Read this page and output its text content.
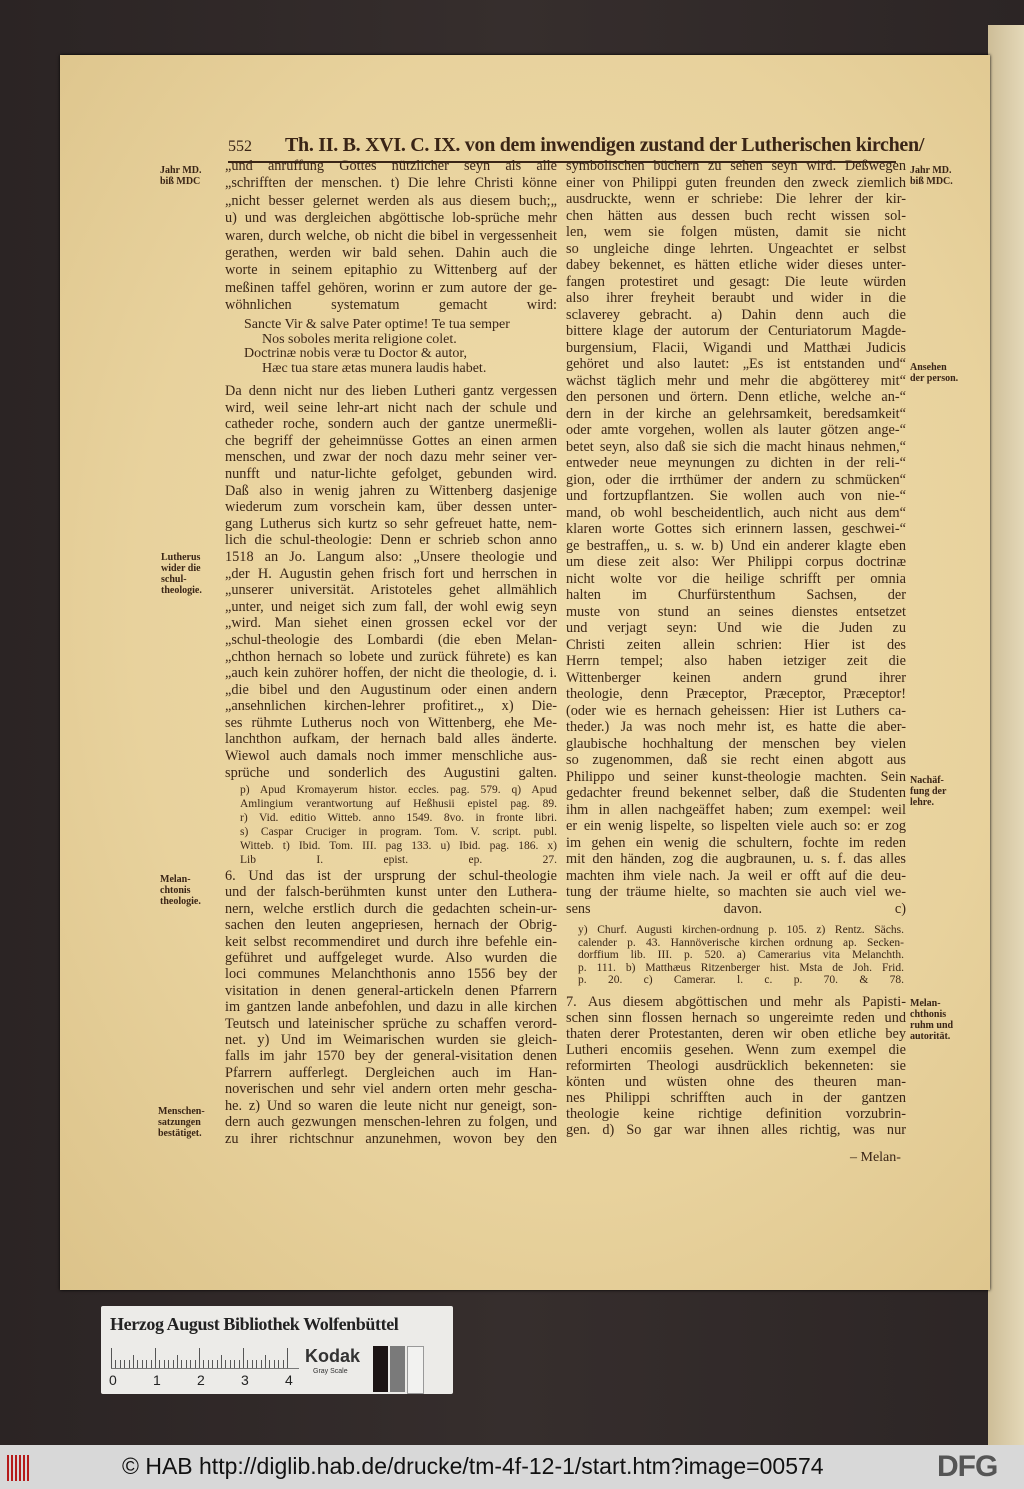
552 Th. II. B. XVI. C. IX. von dem inwendigen zustand der Lutherischen kirchen/
„und anruffung Gottes nützlicher seyn als alle
„schrifften der menschen. t) Die lehre Christi könne
„nicht besser gelernet werden als aus diesem buch;„
u) und was dergleichen abgöttische lob-sprüche mehr
waren, durch welche, ob nicht die bibel in vergessenheit
gerathen, werden wir bald sehen. Dahin auch die
worte in seinem epitaphio zu Wittenberg auf der
meßinen taffel gehören, worinn er zum autore der ge-
wöhnlichen systematum gemacht wird:
Sancte Vir & salve Pater optime! Te tua semper
Nos soboles merita religione colet.
Doctrinæ nobis veræ tu Doctor & autor,
Hæc tua stare ætas munera laudis habet.
Da denn nicht nur des lieben Lutheri gantz vergessen
wird, weil seine lehr-art nicht nach der schule und
catheder roche, sondern auch der gantze unermeßli-
che begriff der geheimnüsse Gottes an einen armen
menschen, und zwar der noch dazu mehr seiner ver-
nunfft und natur-lichte gefolget, gebunden wird.
Daß also in wenig jahren zu Wittenberg dasjenige
wiederum zum vorschein kam, über dessen unter-
gang Lutherus sich kurtz so sehr gefreuet hatte, nem-
lich die schul-theologie: Denn er schrieb schon anno
1518 an Jo. Langum also: „Unsere theologie und
„der H. Augustin gehen frisch fort und herrschen in
„unserer universität. Aristoteles gehet allmählich
„unter, und neiget sich zum fall, der wohl ewig seyn
„wird. Man siehet einen grossen eckel vor der
„schul-theologie des Lombardi (die eben Melan-
„chthon hernach so lobete und zurück führete) es kan
„auch kein zuhörer hoffen, der nicht die theologie, d. i.
„die bibel und den Augustinum oder einen andern
„ansehnlichen kirchen-lehrer profitiret.„ x) Die-
ses rühmte Lutherus noch von Wittenberg, ehe Me-
lanchthon aufkam, der hernach bald alles änderte.
Wiewol auch damals noch immer menschliche aus-
sprüche und sonderlich des Augustini galten.
p) Apud Kromayerum histor. eccles. pag. 579. q) Apud
Amlingium verantwortung auf Heßhusii epistel pag. 89.
r) Vid. editio Witteb. anno 1549. 8vo. in fronte libri.
s) Caspar Cruciger in program. Tom. V. script. publ.
Witteb. t) Ibid. Tom. III. pag 133. u) Ibid. pag. 186. x)
Lib I. epist. ep. 27.
6. Und das ist der ursprung der schul-theologie
und der falsch-berühmten kunst unter den Luthera-
nern, welche erstlich durch die gedachten schein-ur-
sachen den leuten angepriesen, hernach der Obrig-
keit selbst recommendiret und durch ihre befehle ein-
geführet und auffgeleget wurde. Also wurden die
loci communes Melanchthonis anno 1556 bey der
visitation in denen general-artickeln denen Pfarrern
im gantzen lande anbefohlen, und dazu in alle kirchen
Teutsch und lateinischer sprüche zu schaffen verord-
net. y) Und im Weimarischen wurden sie gleich-
falls im jahr 1570 bey der general-visitation denen
Pfarrern aufferlegt. Dergleichen auch im Han-
noverischen und sehr viel andern orten mehr gescha-
he. z) Und so waren die leute nicht nur geneigt, son-
dern auch gezwungen menschen-lehren zu folgen, und
zu ihrer richtschnur anzunehmen, wovon bey den
symbolischen büchern zu sehen seyn wird. Deßwegen
einer von Philippi guten freunden den zweck ziemlich
ausdruckte, wenn er schriebe: Die lehrer der kir-
chen hätten aus dessen buch recht wissen sol-
len, wem sie folgen müsten, damit sie nicht
so ungleiche dinge lehrten. Ungeachtet er selbst
dabey bekennet, es hätten etliche wider dieses unter-
fangen protestiret und gesagt: Die leute würden
also ihrer freyheit beraubt und wider in die
sclaverey gebracht. a) Dahin denn auch die
bittere klage der autorum der Centuriatorum Magde-
burgensium, Flacii, Wigandi und Matthæi Judicis
gehöret und also lautet: „Es ist entstanden und“
wächst täglich mehr und mehr die abgötterey mit“
den personen und örtern. Denn etliche, welche an-“
dern in der kirche an gelehrsamkeit, beredsamkeit“
oder amte vorgehen, wollen als lauter götzen ange-“
betet seyn, also daß sie sich die macht hinaus nehmen,“
entweder neue meynungen zu dichten in der reli-“
gion, oder die irrthümer der andern zu schmücken“
und fortzupflantzen. Sie wollen auch von nie-“
mand, ob wohl bescheidentlich, auch nicht aus dem“
klaren worte Gottes sich erinnern lassen, geschwei-“
ge bestraffen„ u. s. w. b) Und ein anderer klagte eben
um diese zeit also: Wer Philippi corpus doctrinæ
nicht wolte vor die heilige schrifft per omnia
halten im Churfürstenthum Sachsen, der
muste von stund an seines dienstes entsetzet
und verjagt seyn: Und wie die Juden zu
Christi zeiten allein schrien: Hier ist des
Herrn tempel; also haben ietziger zeit die
Wittenberger keinen andern grund ihrer
theologie, denn Præceptor, Præceptor, Præceptor!
(oder wie es hernach geheissen: Hier ist Luthers ca-
theder.) Ja was noch mehr ist, es hatte die aber-
glaubische hochhaltung der menschen bey vielen
so zugenommen, daß sie recht einen abgott aus
Philippo und seiner kunst-theologie machten. Sein
gedachter freund bekennet selber, daß die Studenten
ihm in allen nachgeäffet haben; zum exempel: weil
er ein wenig lispelte, so lispelten viele auch so: er zog
im gehen ein wenig die schultern, fochte im reden
mit den händen, zog die augbraunen, u. s. f. das alles
machten ihm viele nach. Ja weil er offt auf die deu-
tung der träume hielte, so machten sie auch viel we-
sens davon. c)
y) Churf. Augusti kirchen-ordnung p. 105. z) Rentz. Sächs.
calender p. 43. Hannöverische kirchen ordnung ap. Secken-
dorffium lib. III. p. 520. a) Camerarius vita Melanchth.
p. 111. b) Matthæus Ritzenberger hist. Msta de Joh. Frid.
p. 20. c) Camerar. l. c. p. 70. & 78.
7. Aus diesem abgöttischen und mehr als Papisti-
schen sinn flossen hernach so ungereimte reden und
thaten derer Protestanten, deren wir oben etliche bey
Lutheri encomiis gesehen. Wenn zum exempel die
reformirten Theologi ausdrücklich bekenneten: sie
könten und wüsten ohne des theuren man-
nes Philippi schrifften auch in der gantzen
theologie keine richtige definition vorzubrin-
gen. d) So gar war ihnen alles richtig, was nur
– Melan-
Jahr MD.
biß MDC
Lutherus
wider die
schul-
theologie.
Melan-
chtonis
theologie.
Menschen-
satzungen
bestätiget.
Jahr MD.
biß MDC.
Ansehen
der person.
Nachäf-
fung der
lehre.
Melan-
chthonis
ruhm und
autorität.
Herzog August Bibliothek Wolfenbüttel
0	1	2	3	4
Kodak
Gray Scale
© HAB http://diglib.hab.de/drucke/tm-4f-12-1/start.htm?image=00574	DFG
